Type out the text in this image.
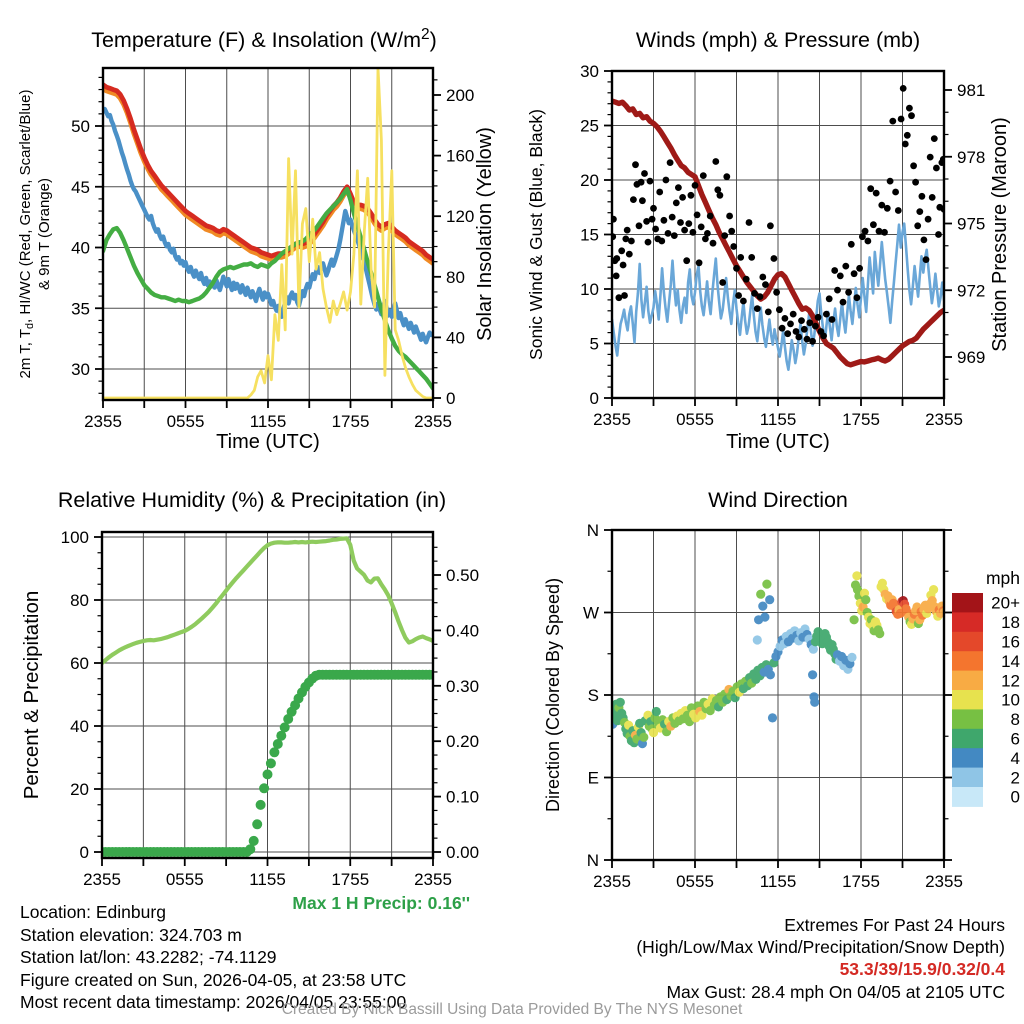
2355	0555	1155	1755	2355
30
35
40
45
50
0
40
80
120
160
200
2m T, $T_d$, HI/WC (Red, Green, Scarlet/Blue) & 9m T (Orange)	Solar Insolation (Yellow)
Time (UTC)
Temperature (F) & Insolation $(W/m^2)$
2355	0555	1155	1755	2355
0
5
10
15
20
25
30
969
972
975
978
981
Sonic Wind & Gust (Blue, Black)	Station Pressure (Maroon)
Time (UTC)
Winds (mph) & Pressure (mb)
2355	0555	1155	1755	2355
0
20
40
60
80
100
0.00
0.10
0.20
0.30
0.40
0.50
Percent & Precipitation
Relative Humidity (%) & Precipitation (in)
2355	0555	1155	1755	2355
N
E
S
W
N
Direction (Colored By Speed)
Wind Direction
mph
20+
18
16
14
12
10
8
6
4
2
0
Max 1 H Precip: 0.16''
Location: Edinburg
Station elevation: 324.703 m
Station lat/lon: 43.2282; -74.1129
Figure created on Sun, 2026-04-05, at 23:58 UTC
Most recent data timestamp: 2026/04/05 23:55:00
Extremes For Past 24 Hours
(High/Low/Max Wind/Precipitation/Snow Depth)
53.3/39/15.9/0.32/0.4
Max Gust: 28.4 mph On 04/05 at 2105 UTC
Created By Nick Bassill Using Data Provided By The NYS Mesonet
